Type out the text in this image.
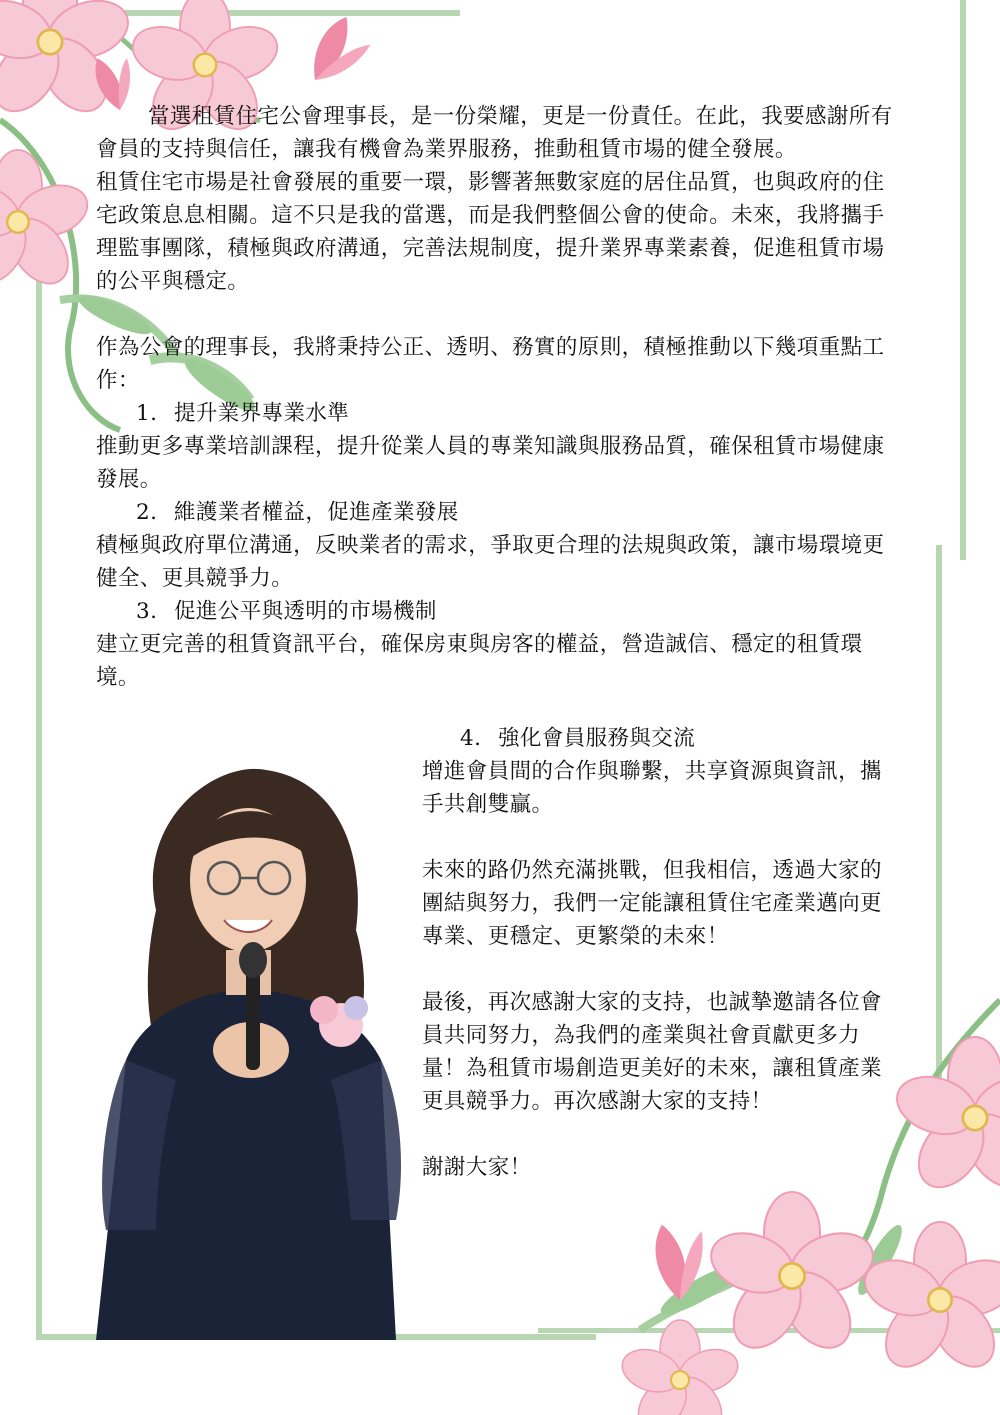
當選租賃住宅公會理事長，是一份榮耀，更是一份責任。在此，我要感謝所有會員的支持與信任，讓我有機會為業界服務，推動租賃市場的健全發展。

租賃住宅市場是社會發展的重要一環，影響著無數家庭的居住品質，也與政府的住宅政策息息相關。這不只是我的當選，而是我們整個公會的使命。未來，我將攜手理監事團隊，積極與政府溝通，完善法規制度，提升業界專業素養，促進租賃市場的公平與穩定。

作為公會的理事長，我將秉持公正、透明、務實的原則，積極推動以下幾項重點工作：

1. 提升業界專業水準

推動更多專業培訓課程，提升從業人員的專業知識與服務品質，確保租賃市場健康發展。

2. 維護業者權益，促進產業發展

積極與政府單位溝通，反映業者的需求，爭取更合理的法規與政策，讓市場環境更健全、更具競爭力。

3. 促進公平與透明的市場機制

建立更完善的租賃資訊平台，確保房東與房客的權益，營造誠信、穩定的租賃環境。

4. 強化會員服務與交流

增進會員間的合作與聯繫，共享資源與資訊，攜手共創雙贏。

未來的路仍然充滿挑戰，但我相信，透過大家的團結與努力，我們一定能讓租賃住宅產業邁向更專業、更穩定、更繁榮的未來！

最後，再次感謝大家的支持，也誠摯邀請各位會員共同努力，為我們的產業與社會貢獻更多力量！為租賃市場創造更美好的未來，讓租賃產業更具競爭力。再次感謝大家的支持！

謝謝大家！
